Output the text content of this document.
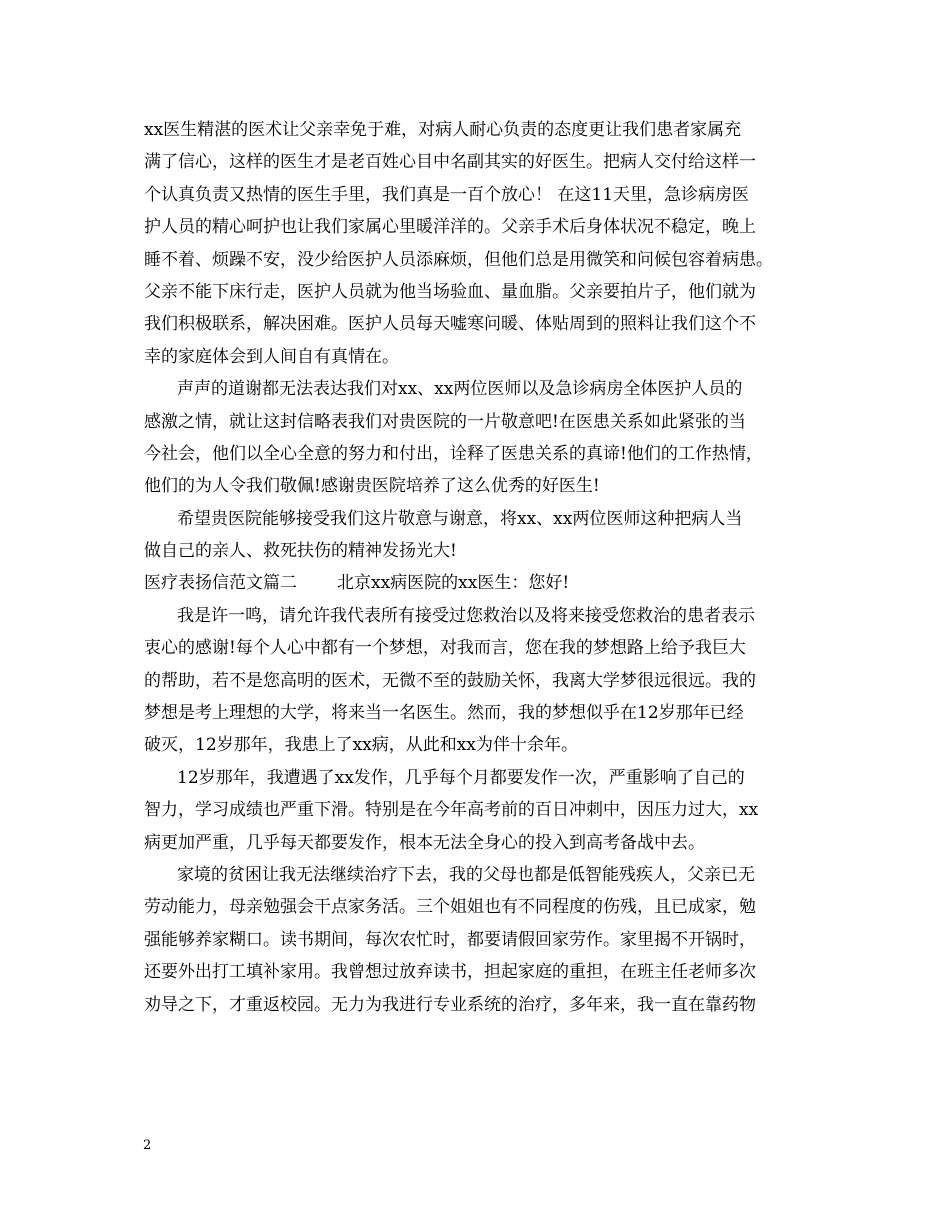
xx医生精湛的医术让父亲幸免于难，对病人耐心负责的态度更让我们患者家属充
满了信心，这样的医生才是老百姓心目中名副其实的好医生。把病人交付给这样一
个认真负责又热情的医生手里，我们真是一百个放心！ 在这11天里，急诊病房医
护人员的精心呵护也让我们家属心里暖洋洋的。父亲手术后身体状况不稳定，晚上
睡不着、烦躁不安，没少给医护人员添麻烦，但他们总是用微笑和问候包容着病患。
父亲不能下床行走，医护人员就为他当场验血、量血脂。父亲要拍片子，他们就为
我们积极联系，解决困难。医护人员每天嘘寒问暖、体贴周到的照料让我们这个不
幸的家庭体会到人间自有真情在。
声声的道谢都无法表达我们对xx、xx两位医师以及急诊病房全体医护人员的
感激之情，就让这封信略表我们对贵医院的一片敬意吧!在医患关系如此紧张的当
今社会，他们以全心全意的努力和付出，诠释了医患关系的真谛!他们的工作热情，
他们的为人令我们敬佩!感谢贵医院培养了这么优秀的好医生!
希望贵医院能够接受我们这片敬意与谢意，将xx、xx两位医师这种把病人当
做自己的亲人、救死扶伤的精神发扬光大!
医疗表扬信范文篇二 北京xx病医院的xx医生：您好!
我是许一鸣，请允许我代表所有接受过您救治以及将来接受您救治的患者表示
衷心的感谢!每个人心中都有一个梦想，对我而言，您在我的梦想路上给予我巨大
的帮助，若不是您高明的医术，无微不至的鼓励关怀，我离大学梦很远很远。我的
梦想是考上理想的大学，将来当一名医生。然而，我的梦想似乎在12岁那年已经
破灭，12岁那年，我患上了xx病，从此和xx为伴十余年。
12岁那年，我遭遇了xx发作，几乎每个月都要发作一次，严重影响了自己的
智力，学习成绩也严重下滑。特别是在今年高考前的百日冲刺中，因压力过大，xx
病更加严重，几乎每天都要发作，根本无法全身心的投入到高考备战中去。
家境的贫困让我无法继续治疗下去，我的父母也都是低智能残疾人，父亲已无
劳动能力，母亲勉强会干点家务活。三个姐姐也有不同程度的伤残，且已成家，勉
强能够养家糊口。读书期间，每次农忙时，都要请假回家劳作。家里揭不开锅时，
还要外出打工填补家用。我曾想过放弃读书，担起家庭的重担，在班主任老师多次
劝导之下，才重返校园。无力为我进行专业系统的治疗，多年来，我一直在靠药物
2
